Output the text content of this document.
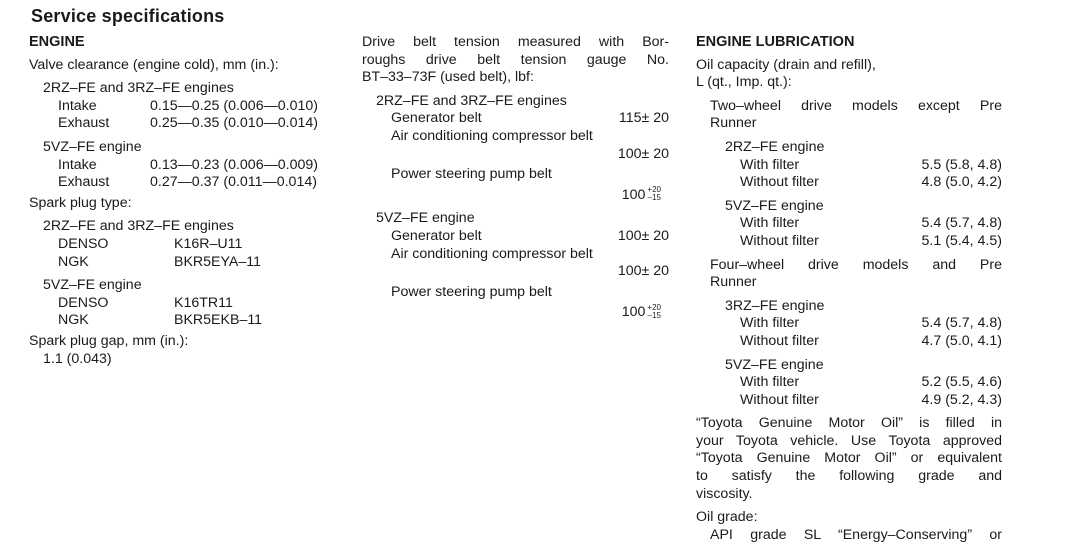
Service specifications
ENGINE
Valve clearance (engine cold), mm (in.):
2RZ–FE and 3RZ–FE engines
Intake	0.15—0.25 (0.006—0.010)
Exhaust	0.25—0.35 (0.010—0.014)
5VZ–FE engine
Intake	0.13—0.23 (0.006—0.009)
Exhaust	0.27—0.37 (0.011—0.014)
Spark plug type:
2RZ–FE and 3RZ–FE engines
DENSO	K16R–U11
NGK	BKR5EYA–11
5VZ–FE engine
DENSO	K16TR11
NGK	BKR5EKB–11
Spark plug gap, mm (in.):
1.1 (0.043)
Drive belt tension measured with Bor-
roughs drive belt tension gauge No.
BT–33–73F (used belt), lbf:
2RZ–FE and 3RZ–FE engines
Generator belt	115± 20
Air conditioning compressor belt
100± 20
Power steering pump belt
100 +20
–15
5VZ–FE engine
Generator belt	100± 20
Air conditioning compressor belt
100± 20
Power steering pump belt
100 +20
–15
ENGINE LUBRICATION
Oil capacity (drain and refill),
L (qt., Imp. qt.):
Two–wheel drive models except Pre
Runner
2RZ–FE engine
With filter	5.5 (5.8, 4.8)
Without filter	4.8 (5.0, 4.2)
5VZ–FE engine
With filter	5.4 (5.7, 4.8)
Without filter	5.1 (5.4, 4.5)
Four–wheel drive models and Pre
Runner
3RZ–FE engine
With filter	5.4 (5.7, 4.8)
Without filter	4.7 (5.0, 4.1)
5VZ–FE engine
With filter	5.2 (5.5, 4.6)
Without filter	4.9 (5.2, 4.3)
“Toyota Genuine Motor Oil” is filled in
your Toyota vehicle. Use Toyota approved
“Toyota Genuine Motor Oil” or equivalent
to satisfy the following grade and
viscosity.
Oil grade:
API grade SL “Energy–Conserving” or
